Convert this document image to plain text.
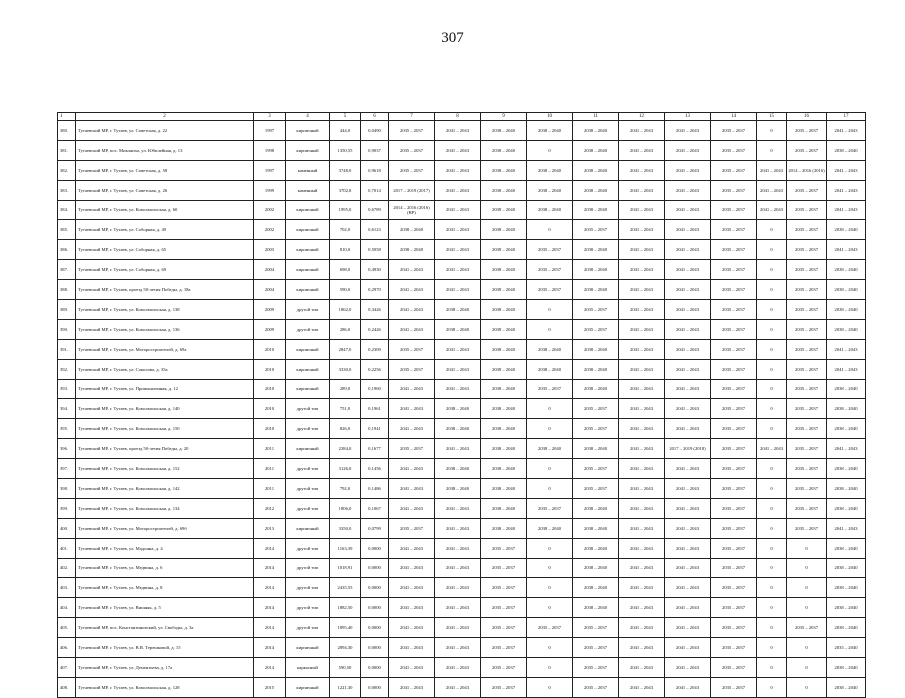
307
1	2	3	4	5	6	7	8	9	10	11	12	13	14	15	16	17
380.	Тутаевский МР, г. Тутаев, ул. Советская, д. 22	1997	кирпичный	444,0	0,0490	2035 – 2037	2041 – 2043	2038 – 2040	2038 – 2040	2038 – 2040	2041 – 2043	2041 – 2043	2035 – 2037	0	2035 – 2037	2041 – 2043
381.	Тутаевский МР, пос. Микляиха, ул. Юбилейная, д. 13	1998	кирпичный	1350,55	0,9037	2035 – 2037	2041 – 2043	2038 – 2040	0	2038 – 2040	2041 – 2043	2041 – 2043	2035 – 2037	0	2035 – 2037	2038 – 2040
382.	Тутаевский МР, г. Тутаев, ул. Советская, д. 58	1997	каменный	3748,0	0,9618	2035 – 2037	2041 – 2043	2038 – 2040	2038 – 2040	2038 – 2040	2041 – 2043	2041 – 2043	2035 – 2037	2041 – 2043	2014 – 2016 (2016)	2041 – 2043
383.	Тутаевский МР, г. Тутаев, ул. Советская, д. 26	1999	каменный	3702,8	0,7014	2017 – 2019 (2017)	2041 – 2043	2038 – 2040	2038 – 2040	2038 – 2040	2041 – 2043	2041 – 2043	2035 – 2037	2041 – 2043	2035 – 2037	2041 – 2043
384.	Тутаевский МР, г. Тутаев, ул. Комсомольская, д. 60	2002	кирпичный	1995,0	0,6789	2014 – 2016 (2016) (ВР)	2041 – 2043	2038 – 2040	2038 – 2040	2038 – 2040	2041 – 2043	2041 – 2043	2035 – 2037	2041 – 2043	2035 – 2037	2041 – 2043
385.	Тутаевский МР, г. Тутаев, ул. Соборная, д. 49	2002	кирпичный	702,0	0,6123	2038 – 2040	2041 – 2043	2038 – 2040	0	2035 – 2037	2041 – 2043	2041 – 2043	2035 – 2037	0	2035 – 2037	2038 – 2040
386.	Тутаевский МР, г. Тутаев, ул. Соборная, д. 65	2003	кирпичный	810,0	0,5058	2038 – 2040	2041 – 2043	2038 – 2040	2035 – 2037	2038 – 2040	2041 – 2043	2041 – 2043	2035 – 2037	0	2035 – 2037	2041 – 2043
387.	Тутаевский МР, г. Тутаев, ул. Соборная, д. 69	2004	кирпичный	698,0	0,4930	2041 – 2043	2041 – 2043	2038 – 2040	2035 – 2037	2038 – 2040	2041 – 2043	2041 – 2043	2035 – 2037	0	2035 – 2037	2038 – 2040
388.	Тутаевский МР, г. Тутаев, проезд 50-летия Победы, д. 18а	2004	кирпичный	590,0	0,2970	2041 – 2043	2041 – 2043	2038 – 2040	2035 – 2037	2038 – 2040	2041 – 2043	2041 – 2043	2035 – 2037	0	2035 – 2037	2038 – 2040
389.	Тутаевский МР, г. Тутаев, ул. Комсомольская, д. 138	2009	другой тип	1862,0	0,3426	2041 – 2043	2038 – 2040	2038 – 2040	0	2035 – 2037	2041 – 2043	2041 – 2043	2035 – 2037	0	2035 – 2037	2038 – 2040
390.	Тутаевский МР, г. Тутаев, ул. Комсомольская, д. 136	2009	другой тип	286,0	0,2426	2041 – 2043	2038 – 2040	2038 – 2040	0	2035 – 2037	2041 – 2043	2041 – 2043	2035 – 2037	0	2035 – 2037	2038 – 2040
391.	Тутаевский МР, г. Тутаев, ул. Моторостроителей, д. 69а	2010	кирпичный	2847,0	0,2309	2035 – 2037	2041 – 2043	2038 – 2040	2038 – 2040	2038 – 2040	2041 – 2043	2041 – 2043	2035 – 2037	0	2035 – 2037	2041 – 2043
392.	Тутаевский МР, г. Тутаев, ул. Соколова, д. 35а	2010	кирпичный	3330,0	0,2256	2035 – 2037	2041 – 2043	2038 – 2040	2038 – 2040	2038 – 2040	2041 – 2043	2041 – 2043	2035 – 2037	0	2035 – 2037	2041 – 2043
393.	Тутаевский МР, г. Тутаев, ул. Промышленная, д. 12	2010	кирпичный	289,0	0,1960	2041 – 2043	2041 – 2043	2038 – 2040	2035 – 2037	2038 – 2040	2041 – 2043	2041 – 2043	2035 – 2037	0	2035 – 2037	2038 – 2040
394.	Тутаевский МР, г. Тутаев, ул. Комсомольская, д. 140	2010	другой тип	751,0	0,1961	2041 – 2043	2038 – 2040	2038 – 2040	0	2035 – 2037	2041 – 2043	2041 – 2043	2035 – 2037	0	2035 – 2037	2038 – 2040
395.	Тутаевский МР, г. Тутаев, ул. Комсомольская, д. 150	2010	другой тип	826,0	0,1941	2041 – 2043	2038 – 2040	2038 – 2040	0	2035 – 2037	2041 – 2043	2041 – 2043	2035 – 2037	0	2035 – 2037	2038 – 2040
396.	Тутаевский МР, г. Тутаев, проезд 50-летия Победы, д. 20	2011	кирпичный	2384,0	0,1677	2035 – 2037	2041 – 2043	2038 – 2040	2038 – 2040	2038 – 2040	2041 – 2043	2017 – 2019 (2018)	2035 – 2037	2041 – 2043	2035 – 2037	2041 – 2043
397.	Тутаевский МР, г. Тутаев, ул. Комсомольская, д. 152	2011	другой тип	3126,0	0,1456	2041 – 2043	2038 – 2040	2038 – 2040	0	2035 – 2037	2041 – 2043	2041 – 2043	2035 – 2037	0	2035 – 2037	2038 – 2040
398.	Тутаевский МР, г. Тутаев, ул. Комсомольская, д. 142	2011	другой тип	792,0	0,1486	2041 – 2043	2038 – 2040	2038 – 2040	0	2035 – 2037	2041 – 2043	2041 – 2043	2035 – 2037	0	2035 – 2037	2038 – 2040
399.	Тутаевский МР, г. Тутаев, ул. Комсомольская, д. 134	2012	другой тип	1806,0	0,1067	2041 – 2043	2041 – 2043	2038 – 2040	2035 – 2037	2038 – 2040	2041 – 2043	2041 – 2043	2035 – 2037	0	2035 – 2037	2038 – 2040
400.	Тутаевский МР, г. Тутаев, ул. Моторостроителей, д. 69б	2013	кирпичный	3350,0	0,0799	2035 – 2037	2041 – 2043	2038 – 2040	2038 – 2040	2038 – 2040	2041 – 2043	2041 – 2043	2035 – 2037	0	2035 – 2037	2041 – 2043
401.	Тутаевский МР, г. Тутаев, ул. Мадонна, д. 4	2014	другой тип	1163,39	0,0000	2041 – 2043	2041 – 2043	2035 – 2037	0	2038 – 2040	2041 – 2043	2041 – 2043	2035 – 2037	0	0	2038 – 2040
402.	Тутаевский МР, г. Тутаев, ул. Медвина, д. 6	2014	другой тип	1018,91	0,0000	2041 – 2043	2041 – 2043	2035 – 2037	0	2038 – 2040	2041 – 2043	2041 – 2043	2035 – 2037	0	0	2038 – 2040
403.	Тутаевский МР, г. Тутаев, ул. Медвина, д. 8	2014	другой тип	2435,55	0,0000	2041 – 2043	2041 – 2043	2035 – 2037	0	2038 – 2040	2041 – 2043	2041 – 2043	2035 – 2037	0	0	2038 – 2040
404.	Тутаевский МР, г. Тутаев, ул. Вишняк, д. 5	2014	другой тип	1882,50	0,0000	2041 – 2043	2041 – 2043	2035 – 2037	0	2038 – 2040	2041 – 2043	2041 – 2043	2035 – 2037	0	0	2038 – 2040
405.	Тутаевский МР, пос. Константиновский, ул. Свободы, д. 3а	2014	другой тип	1895,40	0,0000	2041 – 2043	2041 – 2043	2035 – 2037	2035 – 2037	2035 – 2037	2041 – 2043	2041 – 2043	2035 – 2037	0	2035 – 2037	2038 – 2040
406.	Тутаевский МР, г. Тутаев, ул. В.В. Терешковой, д. 15	2014	кирпичный	2894,30	0,0000	2041 – 2043	2041 – 2043	2035 – 2037	0	2035 – 2037	2041 – 2043	2041 – 2043	2035 – 2037	0	0	2035 – 2040
407.	Тутаевский МР, г. Тутаев, ул. Дементьева, д. 17а	2014	каркасный	590,50	0,0000	2041 – 2043	2041 – 2043	2035 – 2037	0	2035 – 2037	2041 – 2043	2041 – 2043	2035 – 2037	0	0	2038 – 2040
408.	Тутаевский МР, г. Тутаев, ул. Комсомольская, д. 128	2015	кирпичный	1221,30	0,0000	2041 – 2043	2041 – 2043	2035 – 2037	0	2035 – 2037	2041 – 2043	2041 – 2043	2035 – 2037	0	0	2038 – 2040
